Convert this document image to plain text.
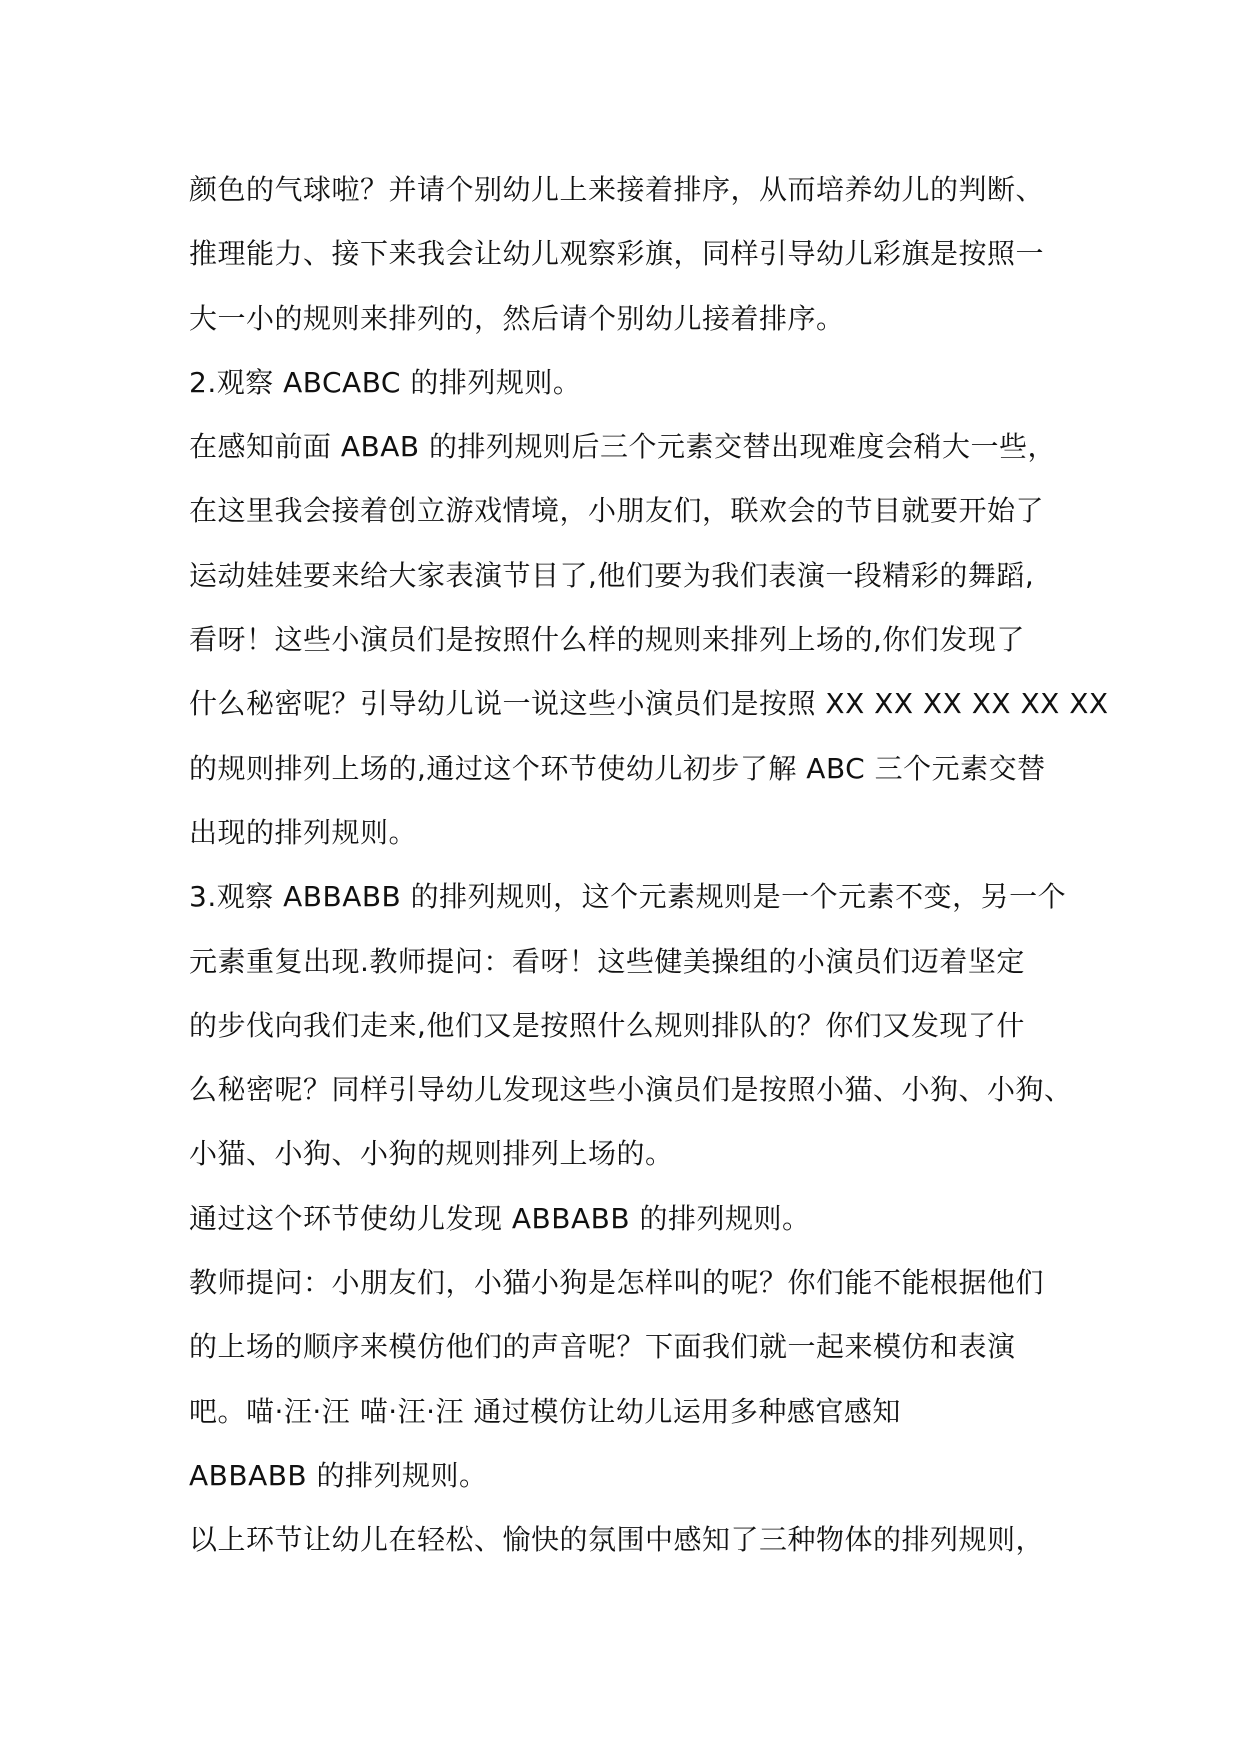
颜色的气球啦？并请个别幼儿上来接着排序，从而培养幼儿的判断、
推理能力、接下来我会让幼儿观察彩旗，同样引导幼儿彩旗是按照一
大一小的规则来排列的，然后请个别幼儿接着排序。
2.观察 ABCABC 的排列规则。
在感知前面 ABAB 的排列规则后三个元素交替出现难度会稍大一些，
在这里我会接着创立游戏情境，小朋友们，联欢会的节目就要开始了
运动娃娃要来给大家表演节目了,他们要为我们表演一段精彩的舞蹈,
看呀！这些小演员们是按照什么样的规则来排列上场的,你们发现了
什么秘密呢？引导幼儿说一说这些小演员们是按照 XX XX XX XX XX XX
的规则排列上场的,通过这个环节使幼儿初步了解 ABC 三个元素交替
出现的排列规则。
3.观察 ABBABB 的排列规则，这个元素规则是一个元素不变，另一个
元素重复出现.教师提问：看呀！这些健美操组的小演员们迈着坚定
的步伐向我们走来,他们又是按照什么规则排队的？你们又发现了什
么秘密呢？同样引导幼儿发现这些小演员们是按照小猫、小狗、小狗、
小猫、小狗、小狗的规则排列上场的。
通过这个环节使幼儿发现 ABBABB 的排列规则。
教师提问：小朋友们，小猫小狗是怎样叫的呢？你们能不能根据他们
的上场的顺序来模仿他们的声音呢？下面我们就一起来模仿和表演
吧。喵·汪·汪 喵·汪·汪 通过模仿让幼儿运用多种感官感知
ABBABB 的排列规则。
以上环节让幼儿在轻松、愉快的氛围中感知了三种物体的排列规则，
